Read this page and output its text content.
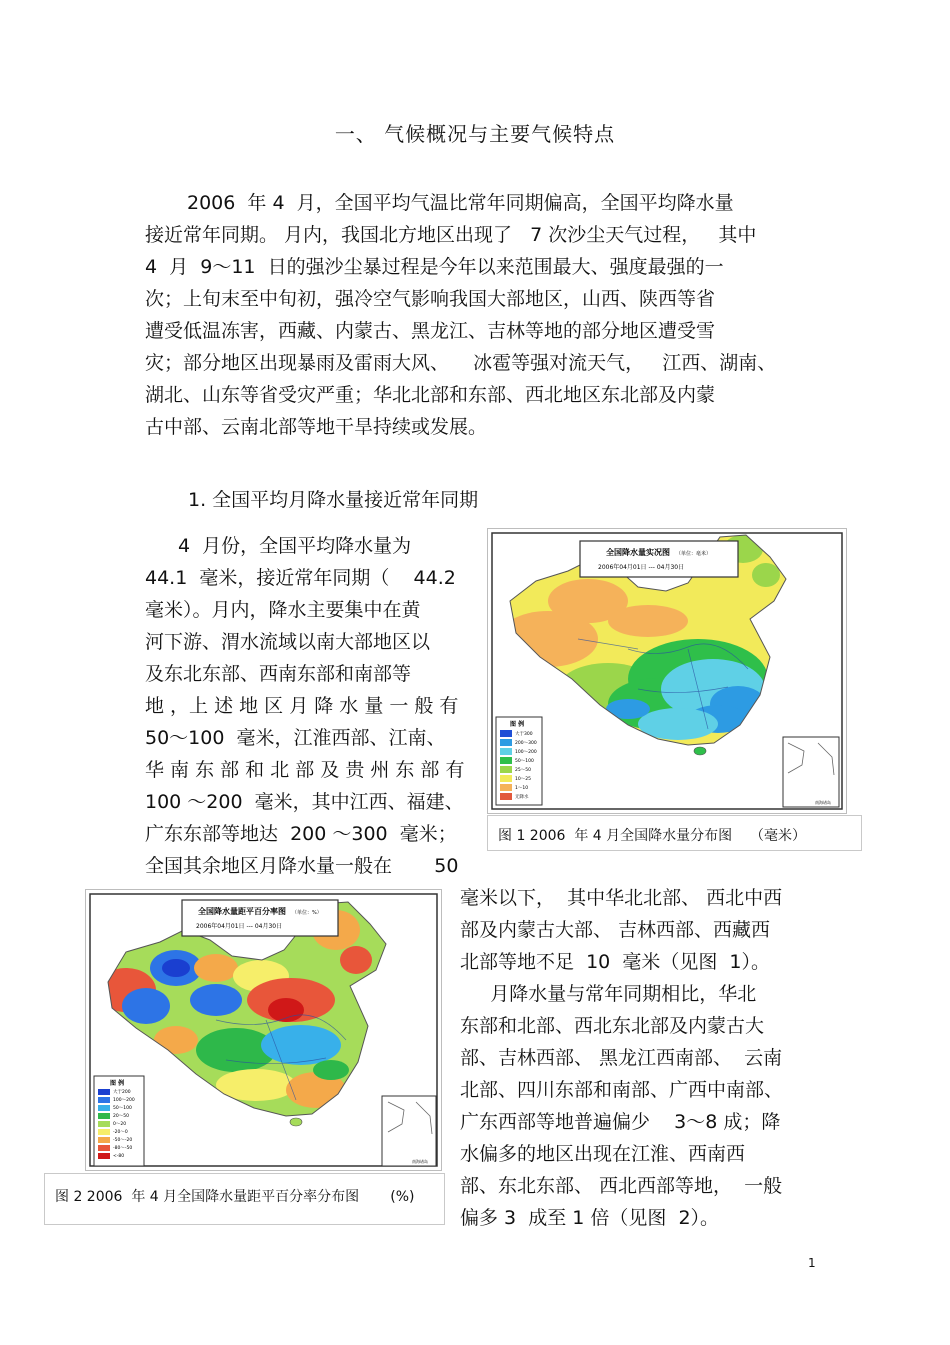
一、 气候概况与主要气候特点
2006  年 4  月，全国平均气温比常年同期偏高，全国平均降水量
接近常年同期。 月内，我国北方地区出现了   7 次沙尘天气过程，   其中
4  月  9～11  日的强沙尘暴过程是今年以来范围最大、强度最强的一
次；上旬末至中旬初，强冷空气影响我国大部地区，山西、陕西等省
遭受低温冻害，西藏、内蒙古、黑龙江、吉林等地的部分地区遭受雪
灾；部分地区出现暴雨及雷雨大风、    冰雹等强对流天气，   江西、湖南、
湖北、山东等省受灾严重；华北北部和东部、西北地区东北部及内蒙
古中部、云南北部等地干旱持续或发展。
1. 全国平均月降水量接近常年同期
4  月份，全国平均降水量为
44.1  毫米，接近常年同期（    44.2
毫米）。月内，降水主要集中在黄
河下游、渭水流域以南大部地区以
及东北东部、西南东部和南部等
地 ，上 述 地 区 月 降 水 量 一 般 有
50～100  毫米，江淮西部、江南、
华 南 东 部 和 北 部 及 贵 州 东 部 有
100 ～200  毫米，其中江西、福建、
广东东部等地达  200 ～300  毫米；
全国其余地区月降水量一般在       50
毫米以下，  其中华北北部、 西北中西
部及内蒙古大部、 吉林西部、西藏西
北部等地不足  10  毫米（见图  1）。
月降水量与常年同期相比，华北
东部和北部、西北东北部及内蒙古大
部、吉林西部、 黑龙江西南部、  云南
北部、四川东部和南部、广西中南部、
广东西部等地普遍偏少    3～8 成；降
水偏多的地区出现在江淮、西南西
部、东北东部、 西北西部等地，  一般
偏多 3  成至 1 倍（见图  2）。
全国降水量实况图 （单位：毫米）
2006年04月01日 --- 04月30日
图 例
大于300
200～300
100～200
50～100
25～50
10～25
1～10
无降水
南海诸岛
图 1 2006  年 4 月全国降水量分布图    （毫米）
全国降水量距平百分率图 （单位：%）
2006年04月01日 --- 04月30日
图 例
大于200
100～200
50～100
20～50
0～20
-20～0
-50～-20
-80～-50
<-80
南海诸岛
图 2 2006  年 4 月全国降水量距平百分率分布图       (%)
1
